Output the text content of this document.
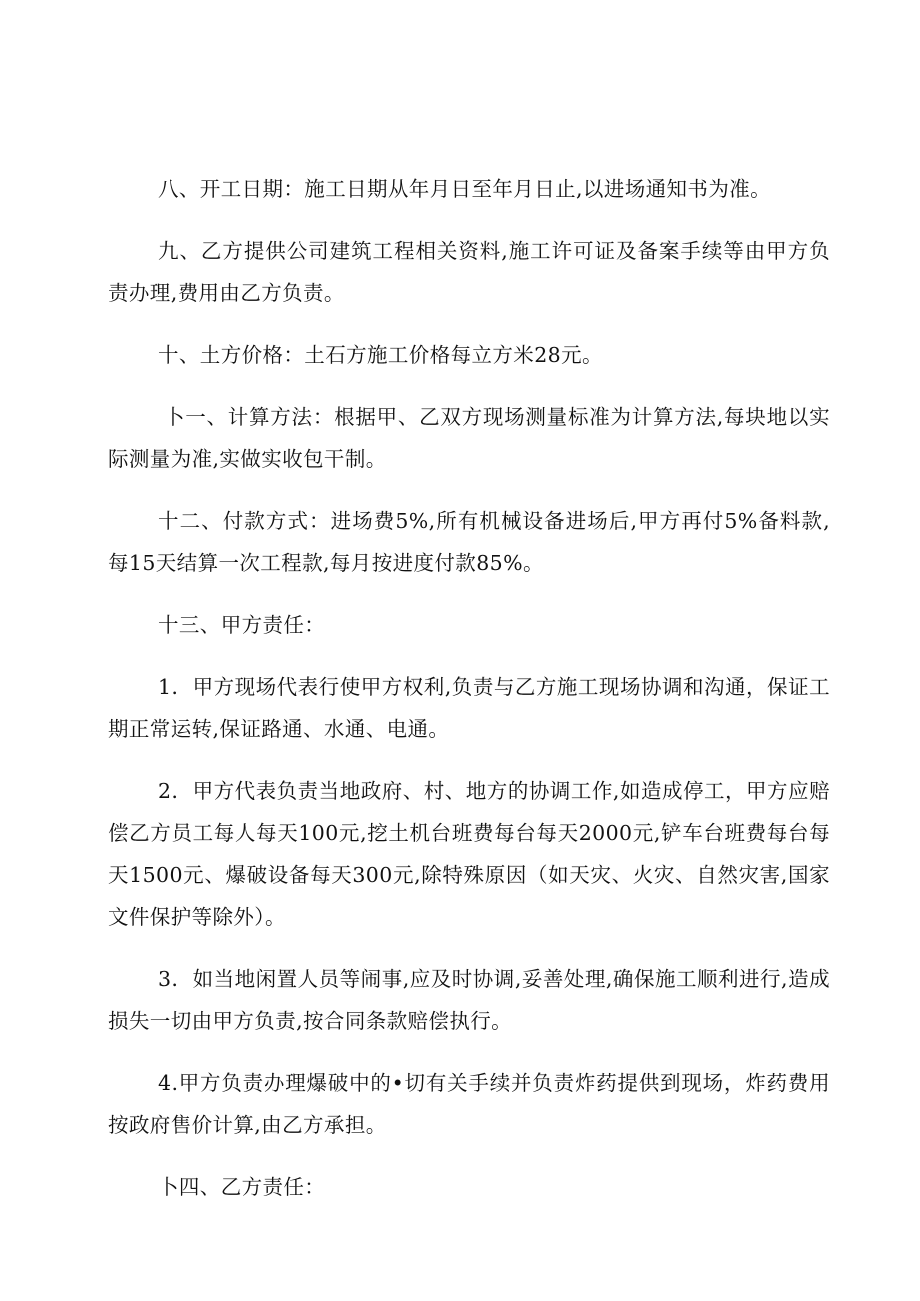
八、开工日期：施工日期从年月日至年月日止,以进场通知书为准。

九、乙方提供公司建筑工程相关资料,施工许可证及备案手续等由甲方负责办理,费用由乙方负责。

十、土方价格：土石方施工价格每立方米28元。

卜一、计算方法：根据甲、乙双方现场测量标准为计算方法,每块地以实际测量为准,实做实收包干制。

十二、付款方式：进场费5%,所有机械设备进场后,甲方再付5%备料款,每15天结算一次工程款,每月按进度付款85%。

十三、甲方责任：

1．甲方现场代表行使甲方权利,负责与乙方施工现场协调和沟通，保证工期正常运转,保证路通、水通、电通。

2．甲方代表负责当地政府、村、地方的协调工作,如造成停工，甲方应赔偿乙方员工每人每天100元,挖土机台班费每台每天2000元,铲车台班费每台每天1500元、爆破设备每天300元,除特殊原因（如天灾、火灾、自然灾害,国家文件保护等除外）。

3．如当地闲置人员等闹事,应及时协调,妥善处理,确保施工顺利进行,造成损失一切由甲方负责,按合同条款赔偿执行。

4.甲方负责办理爆破中的•切有关手续并负责炸药提供到现场，炸药费用按政府售价计算,由乙方承担。

卜四、乙方责任：
